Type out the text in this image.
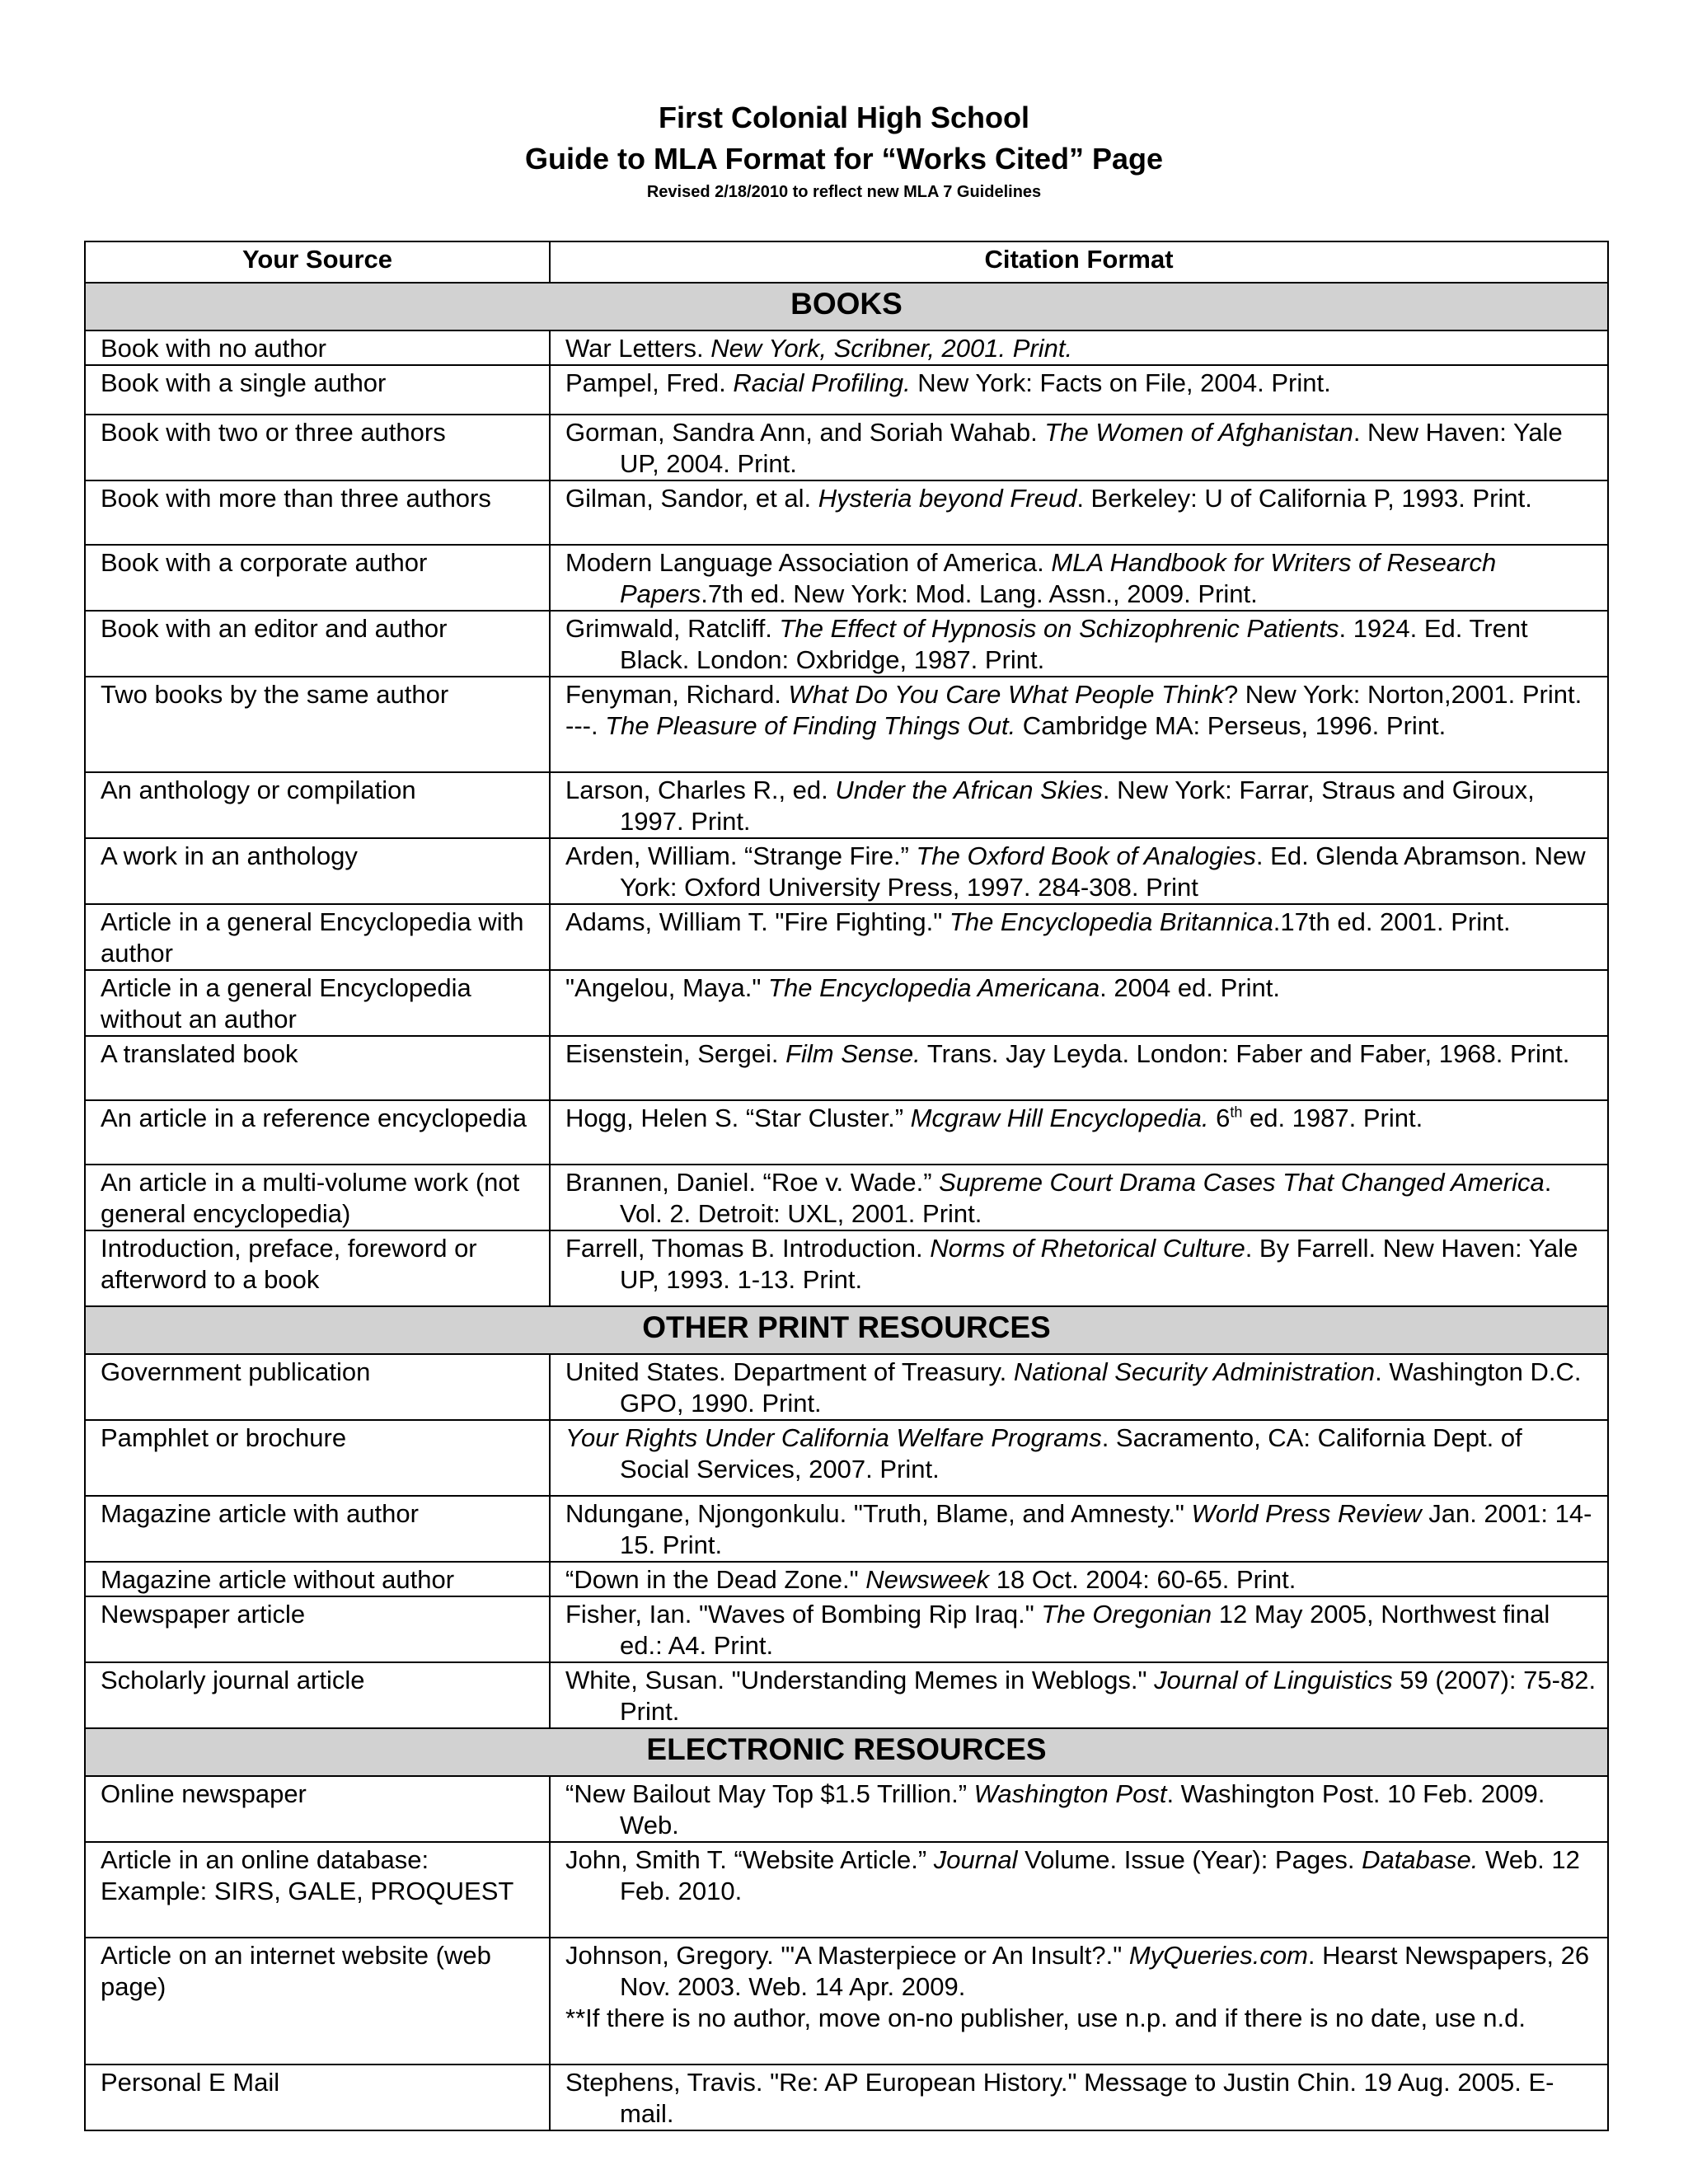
First Colonial High School
Guide to MLA Format for “Works Cited” Page
Revised 2/18/2010 to reflect new MLA 7 Guidelines
Your Source	Citation Format
BOOKS	
Book with no author	War Letters. New York, Scribner, 2001. Print.

Book with a single author	Pampel, Fred. Racial Profiling. New York: Facts on File, 2004. Print.

Book with two or three authors	Gorman, Sandra Ann, and Soriah Wahab. The Women of Afghanistan. New Haven: Yale UP, 2004. Print.

Book with more than three authors	Gilman, Sandor, et al. Hysteria beyond Freud. Berkeley: U of California P, 1993. Print.

Book with a corporate author	Modern Language Association of America. MLA Handbook for Writers of Research Papers.7th ed. New York: Mod. Lang. Assn., 2009. Print.

Book with an editor and author	Grimwald, Ratcliff. The Effect of Hypnosis on Schizophrenic Patients. 1924. Ed. Trent Black. London: Oxbridge, 1987. Print.

Two books by the same author	Fenyman, Richard. What Do You Care What People Think? New York: Norton,2001. Print.
---. The Pleasure of Finding Things Out. Cambridge MA: Perseus, 1996. Print.

An anthology or compilation	Larson, Charles R., ed. Under the African Skies. New York: Farrar, Straus and Giroux, 1997. Print.

A work in an anthology	Arden, William. “Strange Fire.” The Oxford Book of Analogies. Ed. Glenda Abramson. New York: Oxford University Press, 1997. 284-308. Print

Article in a general Encyclopedia with author	Adams, William T. "Fire Fighting." The Encyclopedia Britannica.17th ed. 2001. Print.

Article in a general Encyclopedia without an author	"Angelou, Maya." The Encyclopedia Americana. 2004 ed. Print.

A translated book	Eisenstein, Sergei. Film Sense. Trans. Jay Leyda. London: Faber and Faber, 1968. Print.

An article in a reference encyclopedia	Hogg, Helen S. “Star Cluster.” Mcgraw Hill Encyclopedia. 6th ed. 1987. Print.

An article in a multi-volume work (not general encyclopedia)	Brannen, Daniel. “Roe v. Wade.” Supreme Court Drama Cases That Changed America. Vol. 2. Detroit: UXL, 2001. Print.

Introduction, preface, foreword or afterword to a book	Farrell, Thomas B. Introduction. Norms of Rhetorical Culture. By Farrell. New Haven: Yale UP, 1993. 1-13. Print.

OTHER PRINT RESOURCES	
Government publication	United States. Department of Treasury. National Security Administration. Washington D.C. GPO, 1990. Print.

Pamphlet or brochure	Your Rights Under California Welfare Programs. Sacramento, CA: California Dept. of Social Services, 2007. Print.

Magazine article with author	Ndungane, Njongonkulu. "Truth, Blame, and Amnesty." World Press Review Jan. 2001: 14-15. Print.

Magazine article without author	“Down in the Dead Zone." Newsweek 18 Oct. 2004: 60-65. Print.

Newspaper article	Fisher, Ian. "Waves of Bombing Rip Iraq." The Oregonian 12 May 2005, Northwest final ed.: A4. Print.

Scholarly journal article	White, Susan. "Understanding Memes in Weblogs." Journal of Linguistics 59 (2007): 75-82. Print.

ELECTRONIC RESOURCES	
Online newspaper	“New Bailout May Top $1.5 Trillion.” Washington Post. Washington Post. 10 Feb. 2009. Web.

Article in an online database: Example: SIRS, GALE, PROQUEST	John, Smith T. “Website Article.” Journal Volume. Issue (Year): Pages. Database. Web. 12 Feb. 2010.

Article on an internet website (web page)	Johnson, Gregory. "'A Masterpiece or An Insult?." MyQueries.com. Hearst Newspapers, 26 Nov. 2003. Web. 14 Apr. 2009.
**If there is no author, move on-no publisher, use n.p. and if there is no date, use n.d.

Personal E Mail	Stephens, Travis. "Re: AP European History." Message to Justin Chin. 19 Aug. 2005. E-mail.
